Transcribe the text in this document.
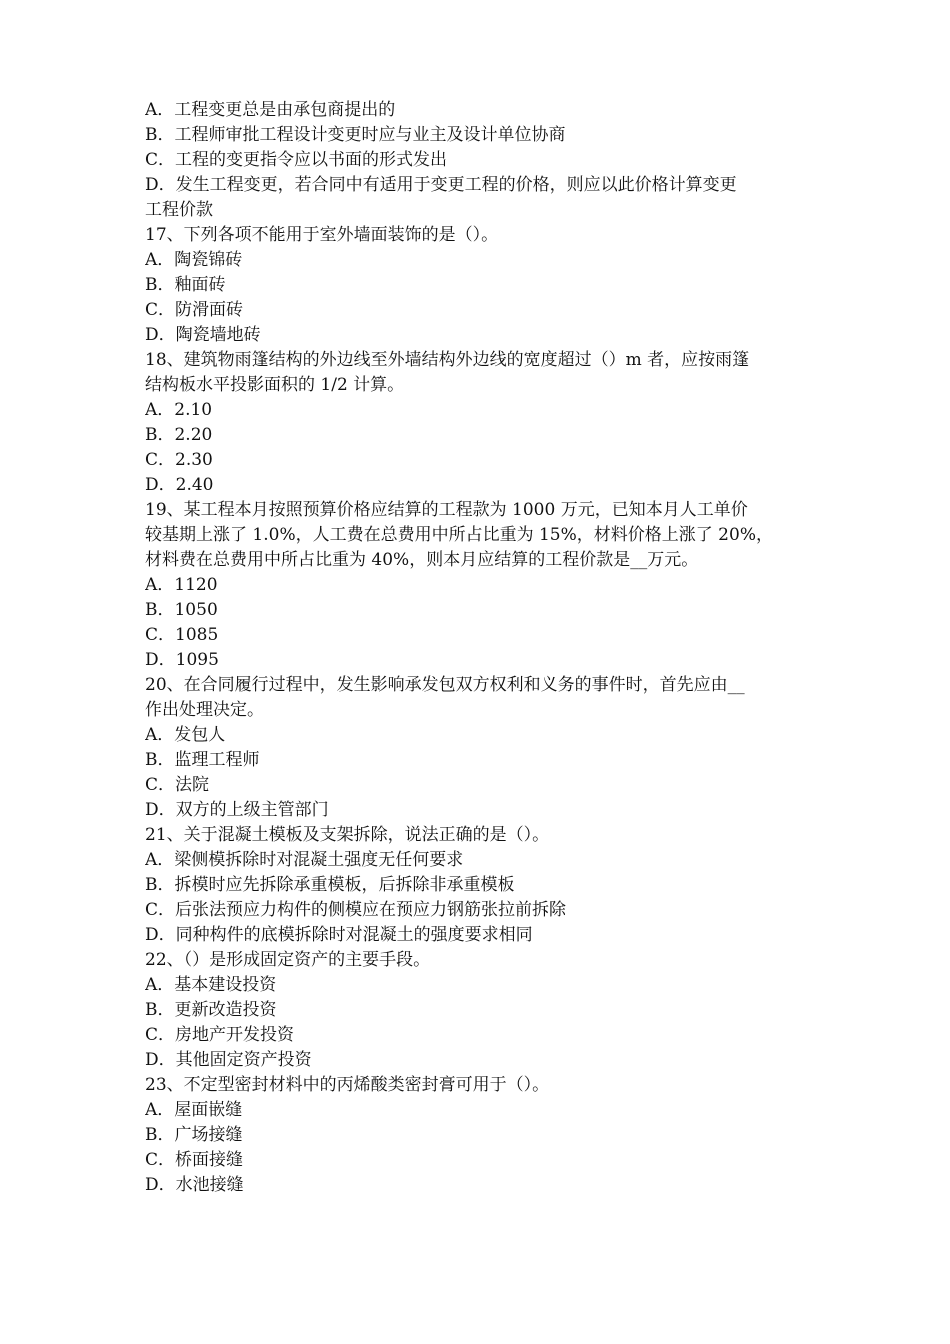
A．工程变更总是由承包商提出的
B．工程师审批工程设计变更时应与业主及设计单位协商
C．工程的变更指令应以书面的形式发出
D．发生工程变更，若合同中有适用于变更工程的价格，则应以此价格计算变更
工程价款
17、下列各项不能用于室外墙面装饰的是（）。
A．陶瓷锦砖
B．釉面砖
C．防滑面砖
D．陶瓷墙地砖
18、建筑物雨篷结构的外边线至外墙结构外边线的宽度超过（）m 者，应按雨篷
结构板水平投影面积的 1/2 计算。
A．2.10
B．2.20
C．2.30
D．2.40
19、某工程本月按照预算价格应结算的工程款为 1000 万元，已知本月人工单价
较基期上涨了 1.0%，人工费在总费用中所占比重为 15%，材料价格上涨了 20%，
材料费在总费用中所占比重为 40%，则本月应结算的工程价款是__万元。
A．1120
B．1050
C．1085
D．1095
20、在合同履行过程中，发生影响承发包双方权利和义务的事件时，首先应由__
作出处理决定。
A．发包人
B．监理工程师
C．法院
D．双方的上级主管部门
21、关于混凝土模板及支架拆除，说法正确的是（）。
A．梁侧模拆除时对混凝土强度无任何要求
B．拆模时应先拆除承重模板，后拆除非承重模板
C．后张法预应力构件的侧模应在预应力钢筋张拉前拆除
D．同种构件的底模拆除时对混凝土的强度要求相同
22、（）是形成固定资产的主要手段。
A．基本建设投资
B．更新改造投资
C．房地产开发投资
D．其他固定资产投资
23、不定型密封材料中的丙烯酸类密封膏可用于（）。
A．屋面嵌缝
B．广场接缝
C．桥面接缝
D．水池接缝
